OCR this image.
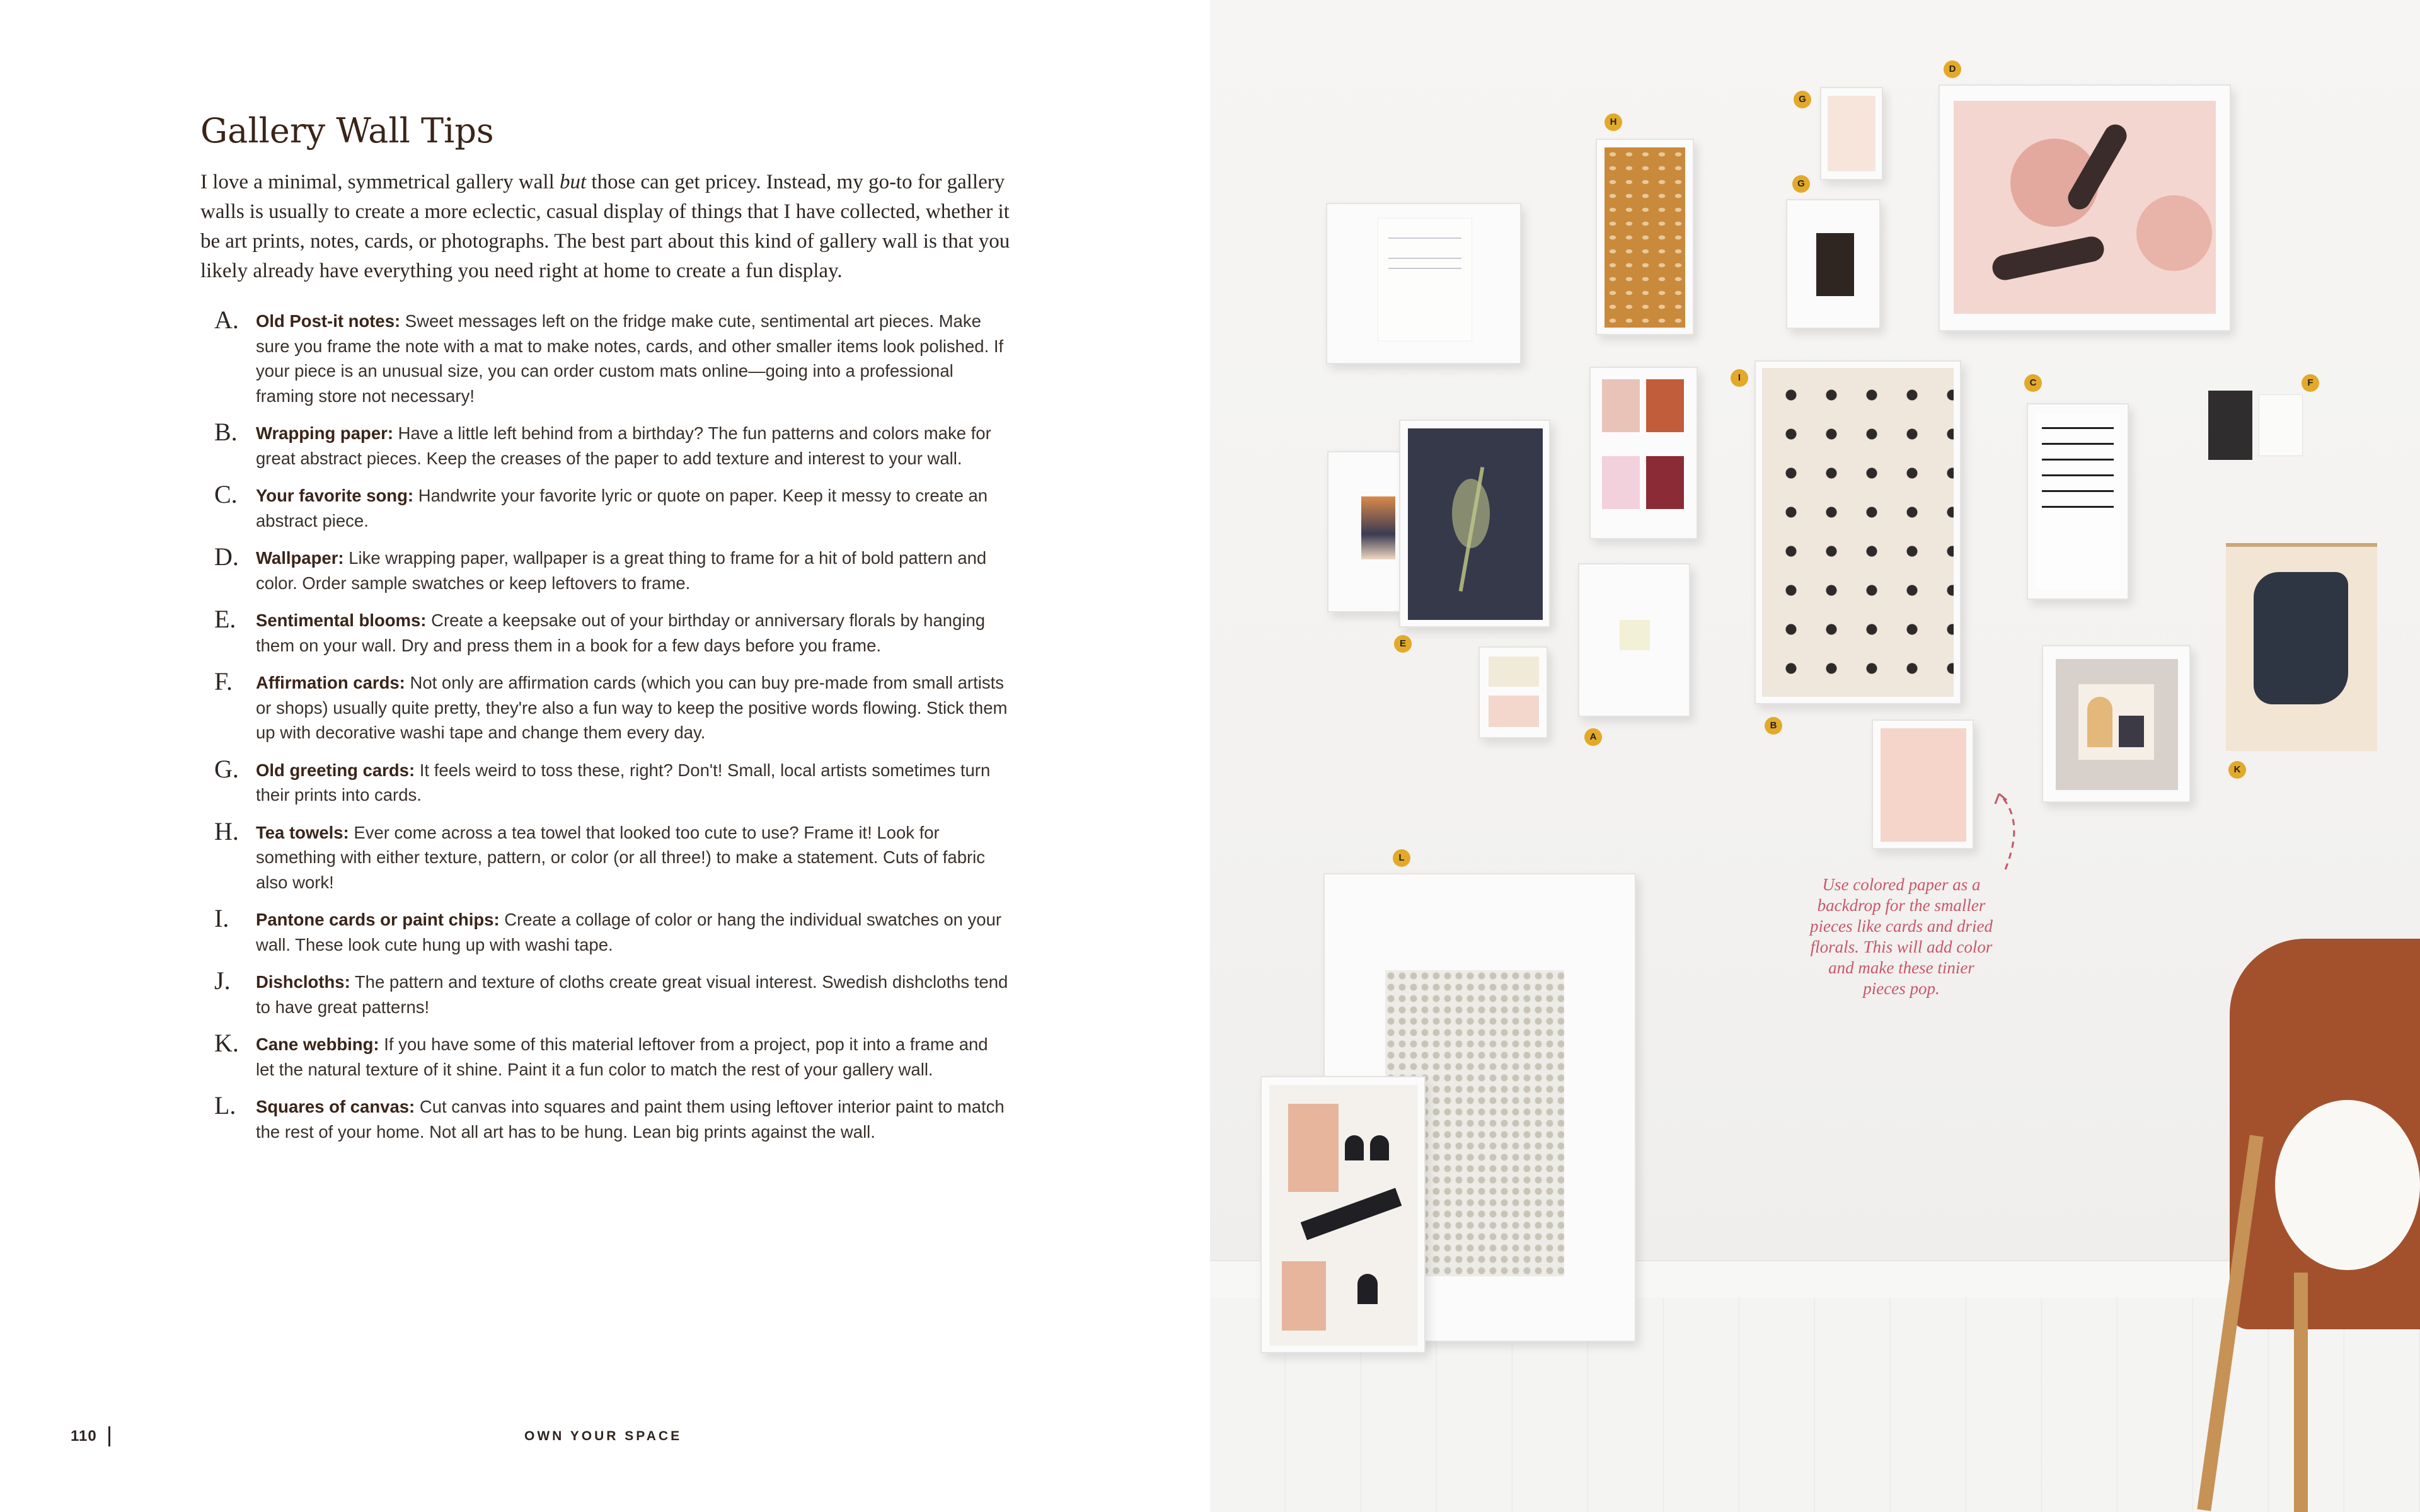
Gallery Wall Tips
I love a minimal, symmetrical gallery wall but those can get pricey. Instead, my go-to for gallery walls is usually to create a more eclectic, casual display of things that I have collected, whether it be art prints, notes, cards, or photographs. The best part about this kind of gallery wall is that you likely already have everything you need right at home to create a fun display.
A. Old Post-it notes: Sweet messages left on the fridge make cute, sentimental art pieces. Make sure you frame the note with a mat to make notes, cards, and other smaller items look polished. If your piece is an unusual size, you can order custom mats online—going into a professional framing store not necessary!
B. Wrapping paper: Have a little left behind from a birthday? The fun patterns and colors make for great abstract pieces. Keep the creases of the paper to add texture and interest to your wall.
C. Your favorite song: Handwrite your favorite lyric or quote on paper. Keep it messy to create an abstract piece.
D. Wallpaper: Like wrapping paper, wallpaper is a great thing to frame for a hit of bold pattern and color. Order sample swatches or keep leftovers to frame.
E. Sentimental blooms: Create a keepsake out of your birthday or anniversary florals by hanging them on your wall. Dry and press them in a book for a few days before you frame.
F. Affirmation cards: Not only are affirmation cards (which you can buy pre-made from small artists or shops) usually quite pretty, they're also a fun way to keep the positive words flowing. Stick them up with decorative washi tape and change them every day.
G. Old greeting cards: It feels weird to toss these, right? Don't! Small, local artists sometimes turn their prints into cards.
H. Tea towels: Ever come across a tea towel that looked too cute to use? Frame it! Look for something with either texture, pattern, or color (or all three!) to make a statement. Cuts of fabric also work!
I. Pantone cards or paint chips: Create a collage of color or hang the individual swatches on your wall. These look cute hung up with washi tape.
J. Dishcloths: The pattern and texture of cloths create great visual interest. Swedish dishcloths tend to have great patterns!
K. Cane webbing: If you have some of this material leftover from a project, pop it into a frame and let the natural texture of it shine. Paint it a fun color to match the rest of your gallery wall.
L. Squares of canvas: Cut canvas into squares and paint them using leftover interior paint to match the rest of your home. Not all art has to be hung. Lean big prints against the wall.
110	OWN YOUR SPACE
D
G
H
G
I	C	F
E
B
A
K
L
Use colored paper as a backdrop for the smaller pieces like cards and dried florals. This will add color and make these tinier pieces pop.
